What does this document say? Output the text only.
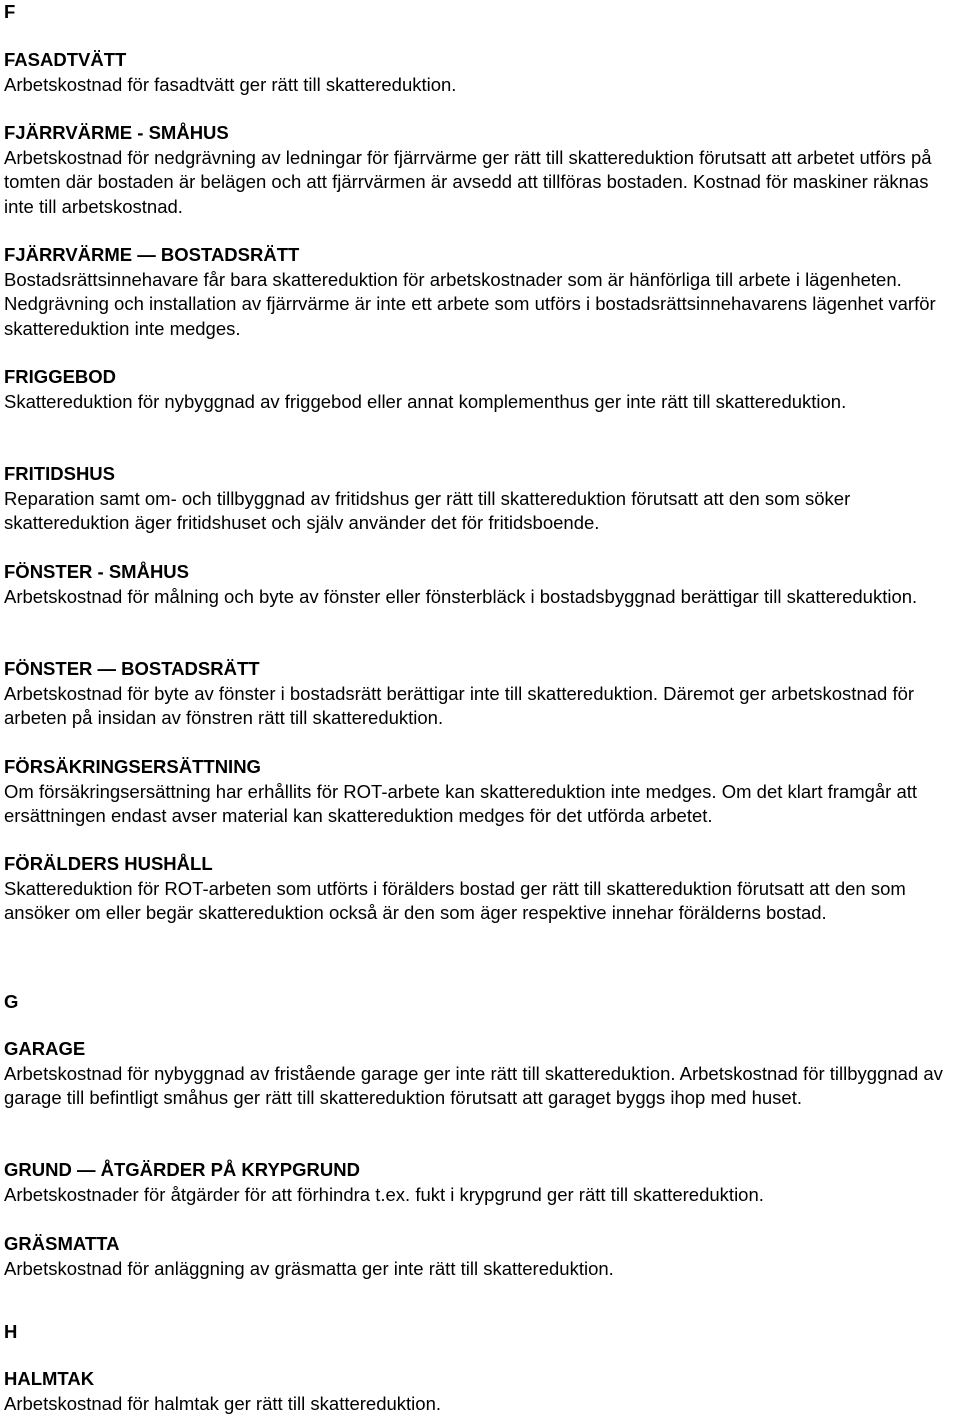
F

FASADTVÄTT

Arbetskostnad för fasadtvätt ger rätt till skattereduktion.

FJÄRRVÄRME - SMÅHUS

Arbetskostnad för nedgrävning av ledningar för fjärrvärme ger rätt till skattereduktion förutsatt att arbetet utförs på tomten där bostaden är belägen och att fjärrvärmen är avsedd att tillföras bostaden. Kostnad för maskiner räknas inte till arbetskostnad.

FJÄRRVÄRME — BOSTADSRÄTT

Bostadsrättsinnehavare får bara skattereduktion för arbetskostnader som är hänförliga till arbete i lägenheten. Nedgrävning och installation av fjärrvärme är inte ett arbete som utförs i bostadsrättsinnehavarens lägenhet varför skattereduktion inte medges.

FRIGGEBOD

Skattereduktion för nybyggnad av friggebod eller annat komplementhus ger inte rätt till skattereduktion.

FRITIDSHUS

Reparation samt om- och tillbyggnad av fritidshus ger rätt till skattereduktion förutsatt att den som söker skattereduktion äger fritidshuset och själv använder det för fritidsboende.

FÖNSTER - SMÅHUS

Arbetskostnad för målning och byte av fönster eller fönsterbläck i bostadsbyggnad berättigar till skattereduktion.

FÖNSTER — BOSTADSRÄTT

Arbetskostnad för byte av fönster i bostadsrätt berättigar inte till skattereduktion. Däremot ger arbetskostnad för arbeten på insidan av fönstren rätt till skattereduktion.

FÖRSÄKRINGSERSÄTTNING

Om försäkringsersättning har erhållits för ROT-arbete kan skattereduktion inte medges. Om det klart framgår att ersättningen endast avser material kan skattereduktion medges för det utförda arbetet.

FÖRÄLDERS HUSHÅLL

Skattereduktion för ROT-arbeten som utförts i förälders bostad ger rätt till skattereduktion förutsatt att den som ansöker om eller begär skattereduktion också är den som äger respektive innehar förälderns bostad.

G

GARAGE

Arbetskostnad för nybyggnad av fristående garage ger inte rätt till skattereduktion. Arbetskostnad för tillbyggnad av garage till befintligt småhus ger rätt till skattereduktion förutsatt att garaget byggs ihop med huset.

GRUND — ÅTGÄRDER PÅ KRYPGRUND

Arbetskostnader för åtgärder för att förhindra t.ex. fukt i krypgrund ger rätt till skattereduktion.

GRÄSMATTA

Arbetskostnad för anläggning av gräsmatta ger inte rätt till skattereduktion.

H

HALMTAK

Arbetskostnad för halmtak ger rätt till skattereduktion.
